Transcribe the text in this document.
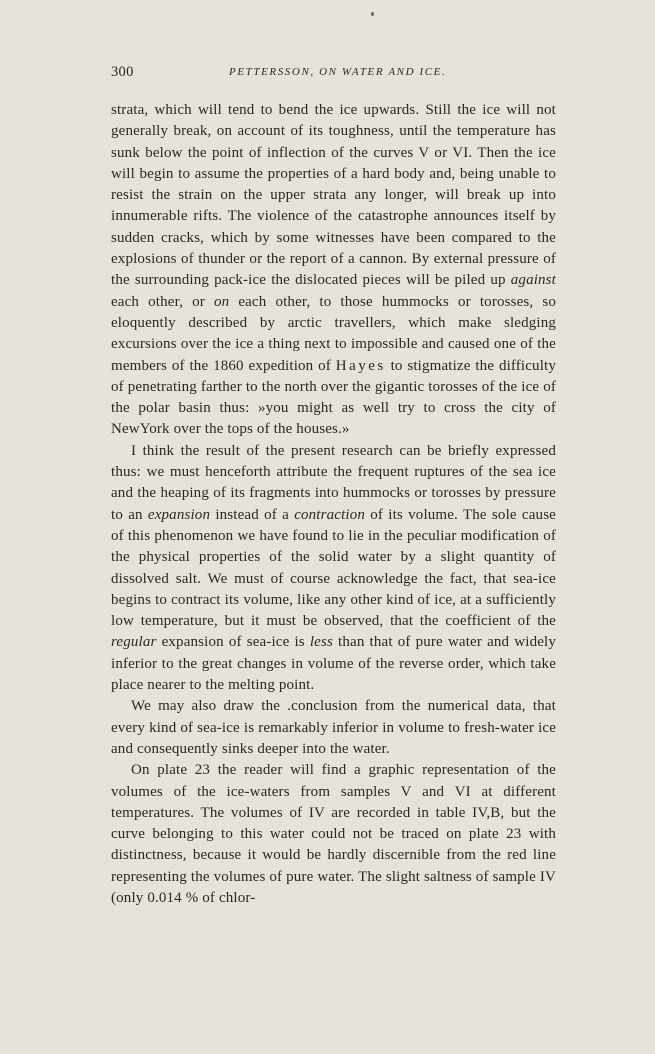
300	PETTERSSON, ON WATER AND ICE.

strata, which will tend to bend the ice upwards. Still the ice will not generally break, on account of its toughness, until the temperature has sunk below the point of inflection of the curves V or VI. Then the ice will begin to assume the properties of a hard body and, being unable to resist the strain on the upper strata any longer, will break up into innumerable rifts. The violence of the catastrophe announces itself by sudden cracks, which by some witnesses have been compared to the explosions of thunder or the report of a cannon. By external pressure of the surrounding pack-ice the dislocated pieces will be piled up against each other, or on each other, to those hummocks or torosses, so eloquently described by arctic travellers, which make sledging excursions over the ice a thing next to impossible and caused one of the members of the 1860 expedition of Hayes to stigmatize the difficulty of penetrating farther to the north over the gigantic torosses of the ice of the polar basin thus: »you might as well try to cross the city of NewYork over the tops of the houses.»

I think the result of the present research can be briefly expressed thus: we must henceforth attribute the frequent ruptures of the sea ice and the heaping of its fragments into hummocks or torosses by pressure to an expansion instead of a contraction of its volume. The sole cause of this phenomenon we have found to lie in the peculiar modification of the physical properties of the solid water by a slight quantity of dissolved salt. We must of course acknowledge the fact, that sea-ice begins to contract its volume, like any other kind of ice, at a sufficiently low temperature, but it must be observed, that the coefficient of the regular expansion of sea-ice is less than that of pure water and widely inferior to the great changes in volume of the reverse order, which take place nearer to the melting point.

We may also draw the .conclusion from the numerical data, that every kind of sea-ice is remarkably inferior in volume to fresh-water ice and consequently sinks deeper into the water.

On plate 23 the reader will find a graphic representation of the volumes of the ice-waters from samples V and VI at different temperatures. The volumes of IV are recorded in table IV,B, but the curve belonging to this water could not be traced on plate 23 with distinctness, because it would be hardly discernible from the red line representing the volumes of pure water. The slight saltness of sample IV (only 0.014 % of chlor-
